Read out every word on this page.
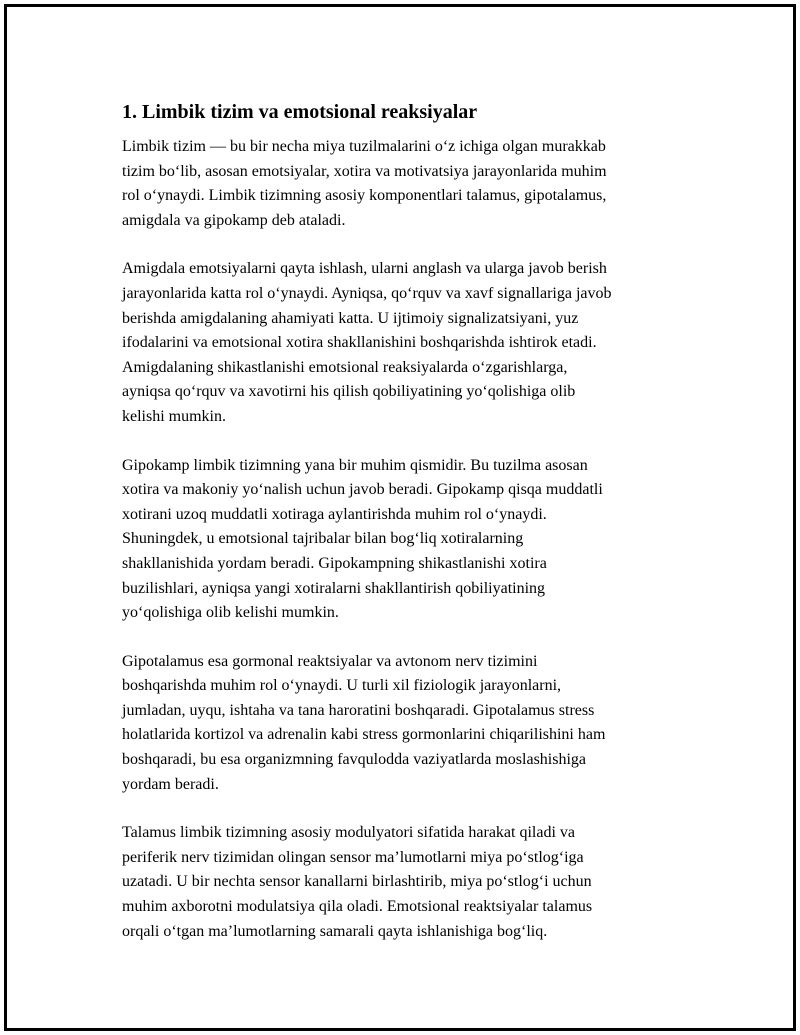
1. Limbik tizim va emotsional reaksiyalar

Limbik tizim — bu bir necha miya tuzilmalarini oʻz ichiga olgan murakkab
tizim boʻlib, asosan emotsiyalar, xotira va motivatsiya jarayonlarida muhim
rol oʻynaydi. Limbik tizimning asosiy komponentlari talamus, gipotalamus,
amigdala va gipokamp deb ataladi.

Amigdala emotsiyalarni qayta ishlash, ularni anglash va ularga javob berish
jarayonlarida katta rol oʻynaydi. Ayniqsa, qoʻrquv va xavf signallariga javob
berishda amigdalaning ahamiyati katta. U ijtimoiy signalizatsiyani, yuz
ifodalarini va emotsional xotira shakllanishini boshqarishda ishtirok etadi.
Amigdalaning shikastlanishi emotsional reaksiyalarda oʻzgarishlarga,
ayniqsa qoʻrquv va xavotirni his qilish qobiliyatining yoʻqolishiga olib
kelishi mumkin.

Gipokamp limbik tizimning yana bir muhim qismidir. Bu tuzilma asosan
xotira va makoniy yoʻnalish uchun javob beradi. Gipokamp qisqa muddatli
xotirani uzoq muddatli xotiraga aylantirishda muhim rol oʻynaydi.
Shuningdek, u emotsional tajribalar bilan bogʻliq xotiralarning
shakllanishida yordam beradi. Gipokampning shikastlanishi xotira
buzilishlari, ayniqsa yangi xotiralarni shakllantirish qobiliyatining
yoʻqolishiga olib kelishi mumkin.

Gipotalamus esa gormonal reaktsiyalar va avtonom nerv tizimini
boshqarishda muhim rol oʻynaydi. U turli xil fiziologik jarayonlarni,
jumladan, uyqu, ishtaha va tana haroratini boshqaradi. Gipotalamus stress
holatlarida kortizol va adrenalin kabi stress gormonlarini chiqarilishini ham
boshqaradi, bu esa organizmning favqulodda vaziyatlarda moslashishiga
yordam beradi.

Talamus limbik tizimning asosiy modulyatori sifatida harakat qiladi va
periferik nerv tizimidan olingan sensor maʼlumotlarni miya poʻstlogʻiga
uzatadi. U bir nechta sensor kanallarni birlashtirib, miya poʻstlogʻi uchun
muhim axborotni modulatsiya qila oladi. Emotsional reaktsiyalar talamus
orqali oʻtgan maʼlumotlarning samarali qayta ishlanishiga bogʻliq.
